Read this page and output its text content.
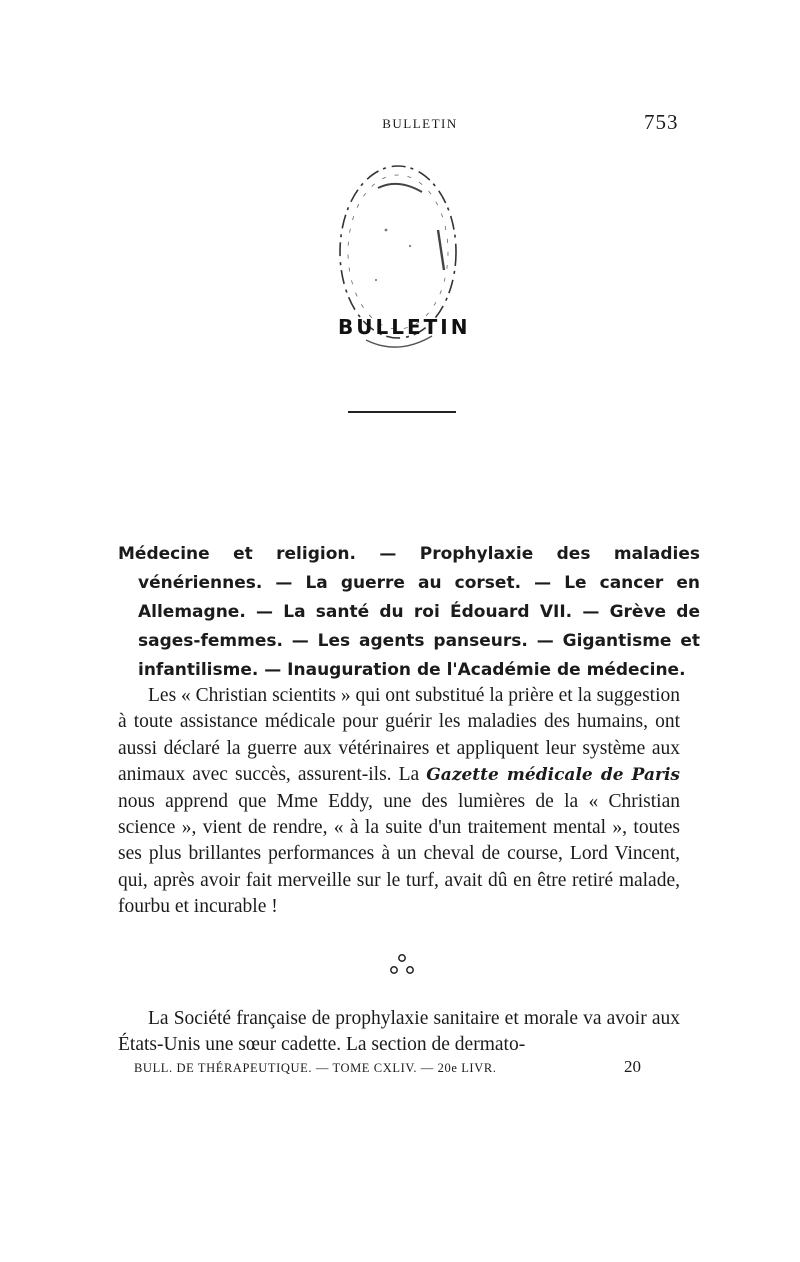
BULLETIN	753
BULLETIN
Médecine et religion. — Prophylaxie des maladies vénériennes. — La guerre au corset. — Le cancer en Allemagne. — La santé du roi Édouard VII. — Grève de sages-femmes. — Les agents panseurs. — Gigantisme et infantilisme. — Inauguration de l'Académie de médecine.

Les « Christian scientits » qui ont substitué la prière et la suggestion à toute assistance médicale pour guérir les maladies des humains, ont aussi déclaré la guerre aux vétérinaires et appliquent leur système aux animaux avec succès, assurent-ils. La Gazette médicale de Paris nous apprend que Mme Eddy, une des lumières de la « Christian science », vient de rendre, « à la suite d'un traitement mental », toutes ses plus brillantes performances à un cheval de course, Lord Vincent, qui, après avoir fait merveille sur le turf, avait dû en être retiré malade, fourbu et incurable !

La Société française de prophylaxie sanitaire et morale va avoir aux États-Unis une sœur cadette. La section de dermato-

BULL. DE THÉRAPEUTIQUE. — TOME CXLIV. — 20e LIVR.	20
